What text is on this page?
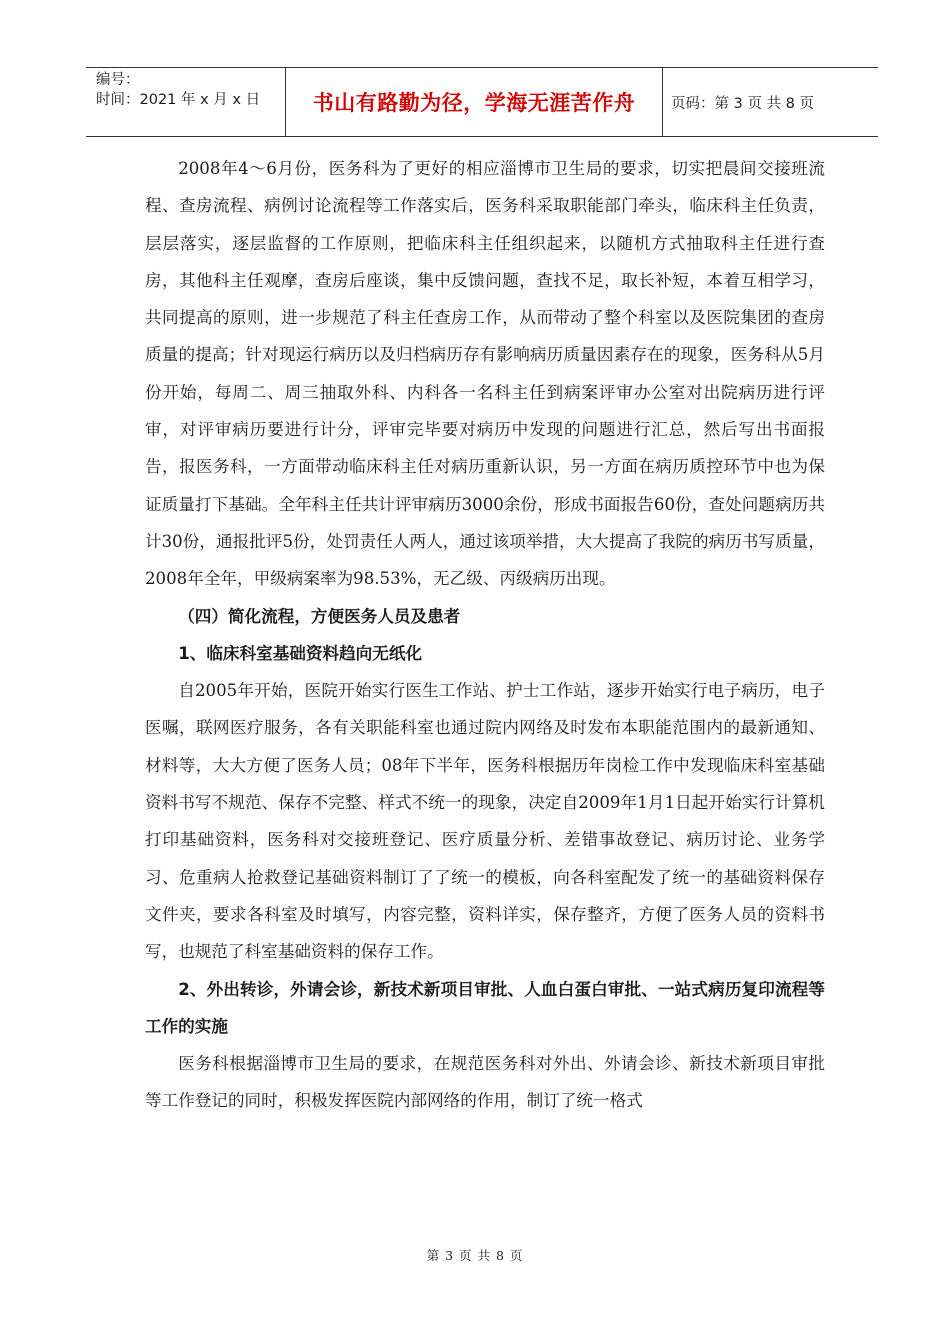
编号：
时间：2021 年 x 月 x 日	书山有路勤为径，学海无涯苦作舟	页码：第 3 页 共 8 页

2008年4～6月份，医务科为了更好的相应淄博市卫生局的要求，切实把晨间交接班流程、查房流程、病例讨论流程等工作落实后，医务科采取职能部门牵头，临床科主任负责，层层落实，逐层监督的工作原则，把临床科主任组织起来，以随机方式抽取科主任进行查房，其他科主任观摩，查房后座谈，集中反馈问题，查找不足，取长补短，本着互相学习，共同提高的原则，进一步规范了科主任查房工作，从而带动了整个科室以及医院集团的查房质量的提高；针对现运行病历以及归档病历存有影响病历质量因素存在的现象，医务科从5月份开始，每周二、周三抽取外科、内科各一名科主任到病案评审办公室对出院病历进行评审，对评审病历要进行计分，评审完毕要对病历中发现的问题进行汇总，然后写出书面报告，报医务科，一方面带动临床科主任对病历重新认识，另一方面在病历质控环节中也为保证质量打下基础。全年科主任共计评审病历3000余份，形成书面报告60份，查处问题病历共计30份，通报批评5份，处罚责任人两人，通过该项举措，大大提高了我院的病历书写质量，2008年全年，甲级病案率为98.53%，无乙级、丙级病历出现。

（四）简化流程，方便医务人员及患者

1、临床科室基础资料趋向无纸化

自2005年开始，医院开始实行医生工作站、护士工作站，逐步开始实行电子病历，电子医嘱，联网医疗服务，各有关职能科室也通过院内网络及时发布本职能范围内的最新通知、材料等，大大方便了医务人员；08年下半年，医务科根据历年岗检工作中发现临床科室基础资料书写不规范、保存不完整、样式不统一的现象，决定自2009年1月1日起开始实行计算机打印基础资料，医务科对交接班登记、医疗质量分析、差错事故登记、病历讨论、业务学习、危重病人抢救登记基础资料制订了了统一的模板，向各科室配发了统一的基础资料保存文件夹，要求各科室及时填写，内容完整，资料详实，保存整齐，方便了医务人员的资料书写，也规范了科室基础资料的保存工作。

2、外出转诊，外请会诊，新技术新项目审批、人血白蛋白审批、一站式病历复印流程等工作的实施

医务科根据淄博市卫生局的要求，在规范医务科对外出、外请会诊、新技术新项目审批等工作登记的同时，积极发挥医院内部网络的作用，制订了统一格式

第 3 页 共 8 页
